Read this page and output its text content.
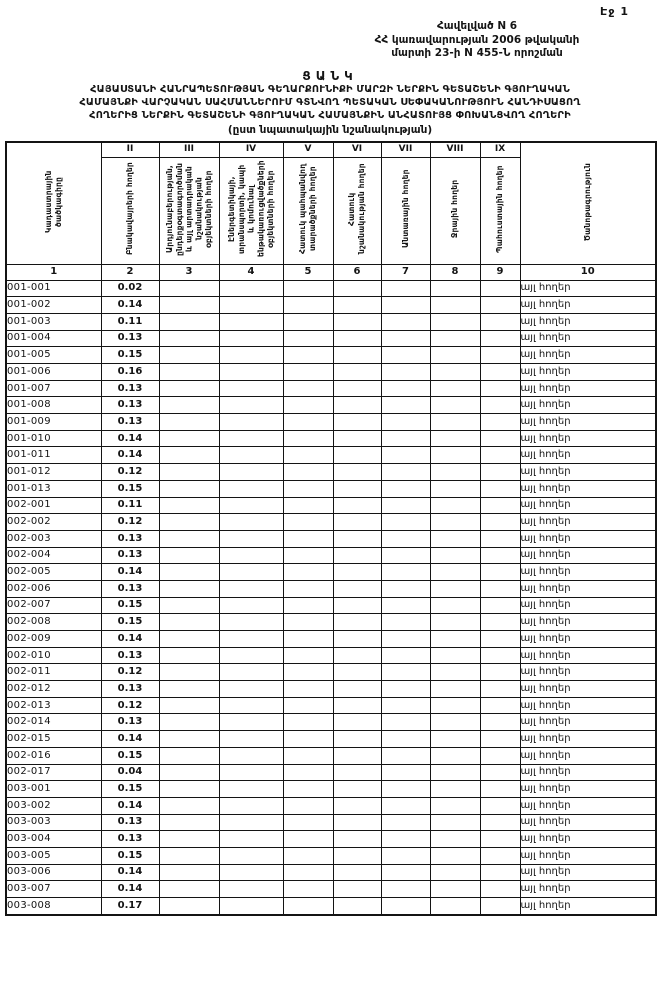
Էջ 1
Հավելված N 6
ՀՀ կառավարության 2006 թվականի
մարտի 23-ի N 455-Ն որոշման
ՑԱՆԿ
ՀԱՅԱՍՏԱՆԻ ՀԱՆՐԱՊԵՏՈՒԹՅԱՆ ԳԵՂԱՐՔՈՒՆԻՔԻ ՄԱՐԶԻ ՆԵՐՔԻՆ ԳԵՏԱՇԵՆԻ ԳՅՈՒՂԱԿԱՆ
ՀԱՄԱՅՆՔԻ ՎԱՐՉԱԿԱՆ ՍԱՀՄԱՆՆԵՐՈՒՄ ԳՏՆՎՈՂ ՊԵՏԱԿԱՆ ՍԵՓԱԿԱՆՈՒԹՅՈՒՆ ՀԱՆԴԻՍԱՑՈՂ
ՀՈՂԵՐԻՑ ՆԵՐՔԻՆ ԳԵՏԱՇԵՆԻ ԳՅՈՒՂԱԿԱՆ ՀԱՄԱՅՆՔԻՆ ԱՆՀԱՏՈՒՅՑ ՓՈԽԱՆՑՎՈՂ ՀՈՂԵՐԻ
(ըստ նպատակային նշանակության)
Կադաստրային ծածկագիրը	II	III	IV	V	VI	VII	VIII	IX	Ծանոթագրություն
	Բնակավայրերի հողեր	Արդյունաբերության, ընդերքօգտագործման և այլ արտադրական նշանակության օբյեկտների հողեր	Էներգետիկայի, տրանսպորտի, կապի և կոմունալ ենթակառուցվածքների օբյեկտների հողեր	Հատուկ պահպանվող տարածքների հողեր	Հատուկ նշանակության հողեր	Անտառային հողեր	Ջրային հողեր	Պահուստային հողեր	
1	2	3	4	5	6	7	8	9	10
001-001	0.02								այլ հողեր
001-002	0.14								այլ հողեր
001-003	0.11								այլ հողեր
001-004	0.13								այլ հողեր
001-005	0.15								այլ հողեր
001-006	0.16								այլ հողեր
001-007	0.13								այլ հողեր
001-008	0.13								այլ հողեր
001-009	0.13								այլ հողեր
001-010	0.14								այլ հողեր
001-011	0.14								այլ հողեր
001-012	0.12								այլ հողեր
001-013	0.15								այլ հողեր
002-001	0.11								այլ հողեր
002-002	0.12								այլ հողեր
002-003	0.13								այլ հողեր
002-004	0.13								այլ հողեր
002-005	0.14								այլ հողեր
002-006	0.13								այլ հողեր
002-007	0.15								այլ հողեր
002-008	0.15								այլ հողեր
002-009	0.14								այլ հողեր
002-010	0.13								այլ հողեր
002-011	0.12								այլ հողեր
002-012	0.13								այլ հողեր
002-013	0.12								այլ հողեր
002-014	0.13								այլ հողեր
002-015	0.14								այլ հողեր
002-016	0.15								այլ հողեր
002-017	0.04								այլ հողեր
003-001	0.15								այլ հողեր
003-002	0.14								այլ հողեր
003-003	0.13								այլ հողեր
003-004	0.13								այլ հողեր
003-005	0.15								այլ հողեր
003-006	0.14								այլ հողեր
003-007	0.14								այլ հողեր
003-008	0.17								այլ հողեր
